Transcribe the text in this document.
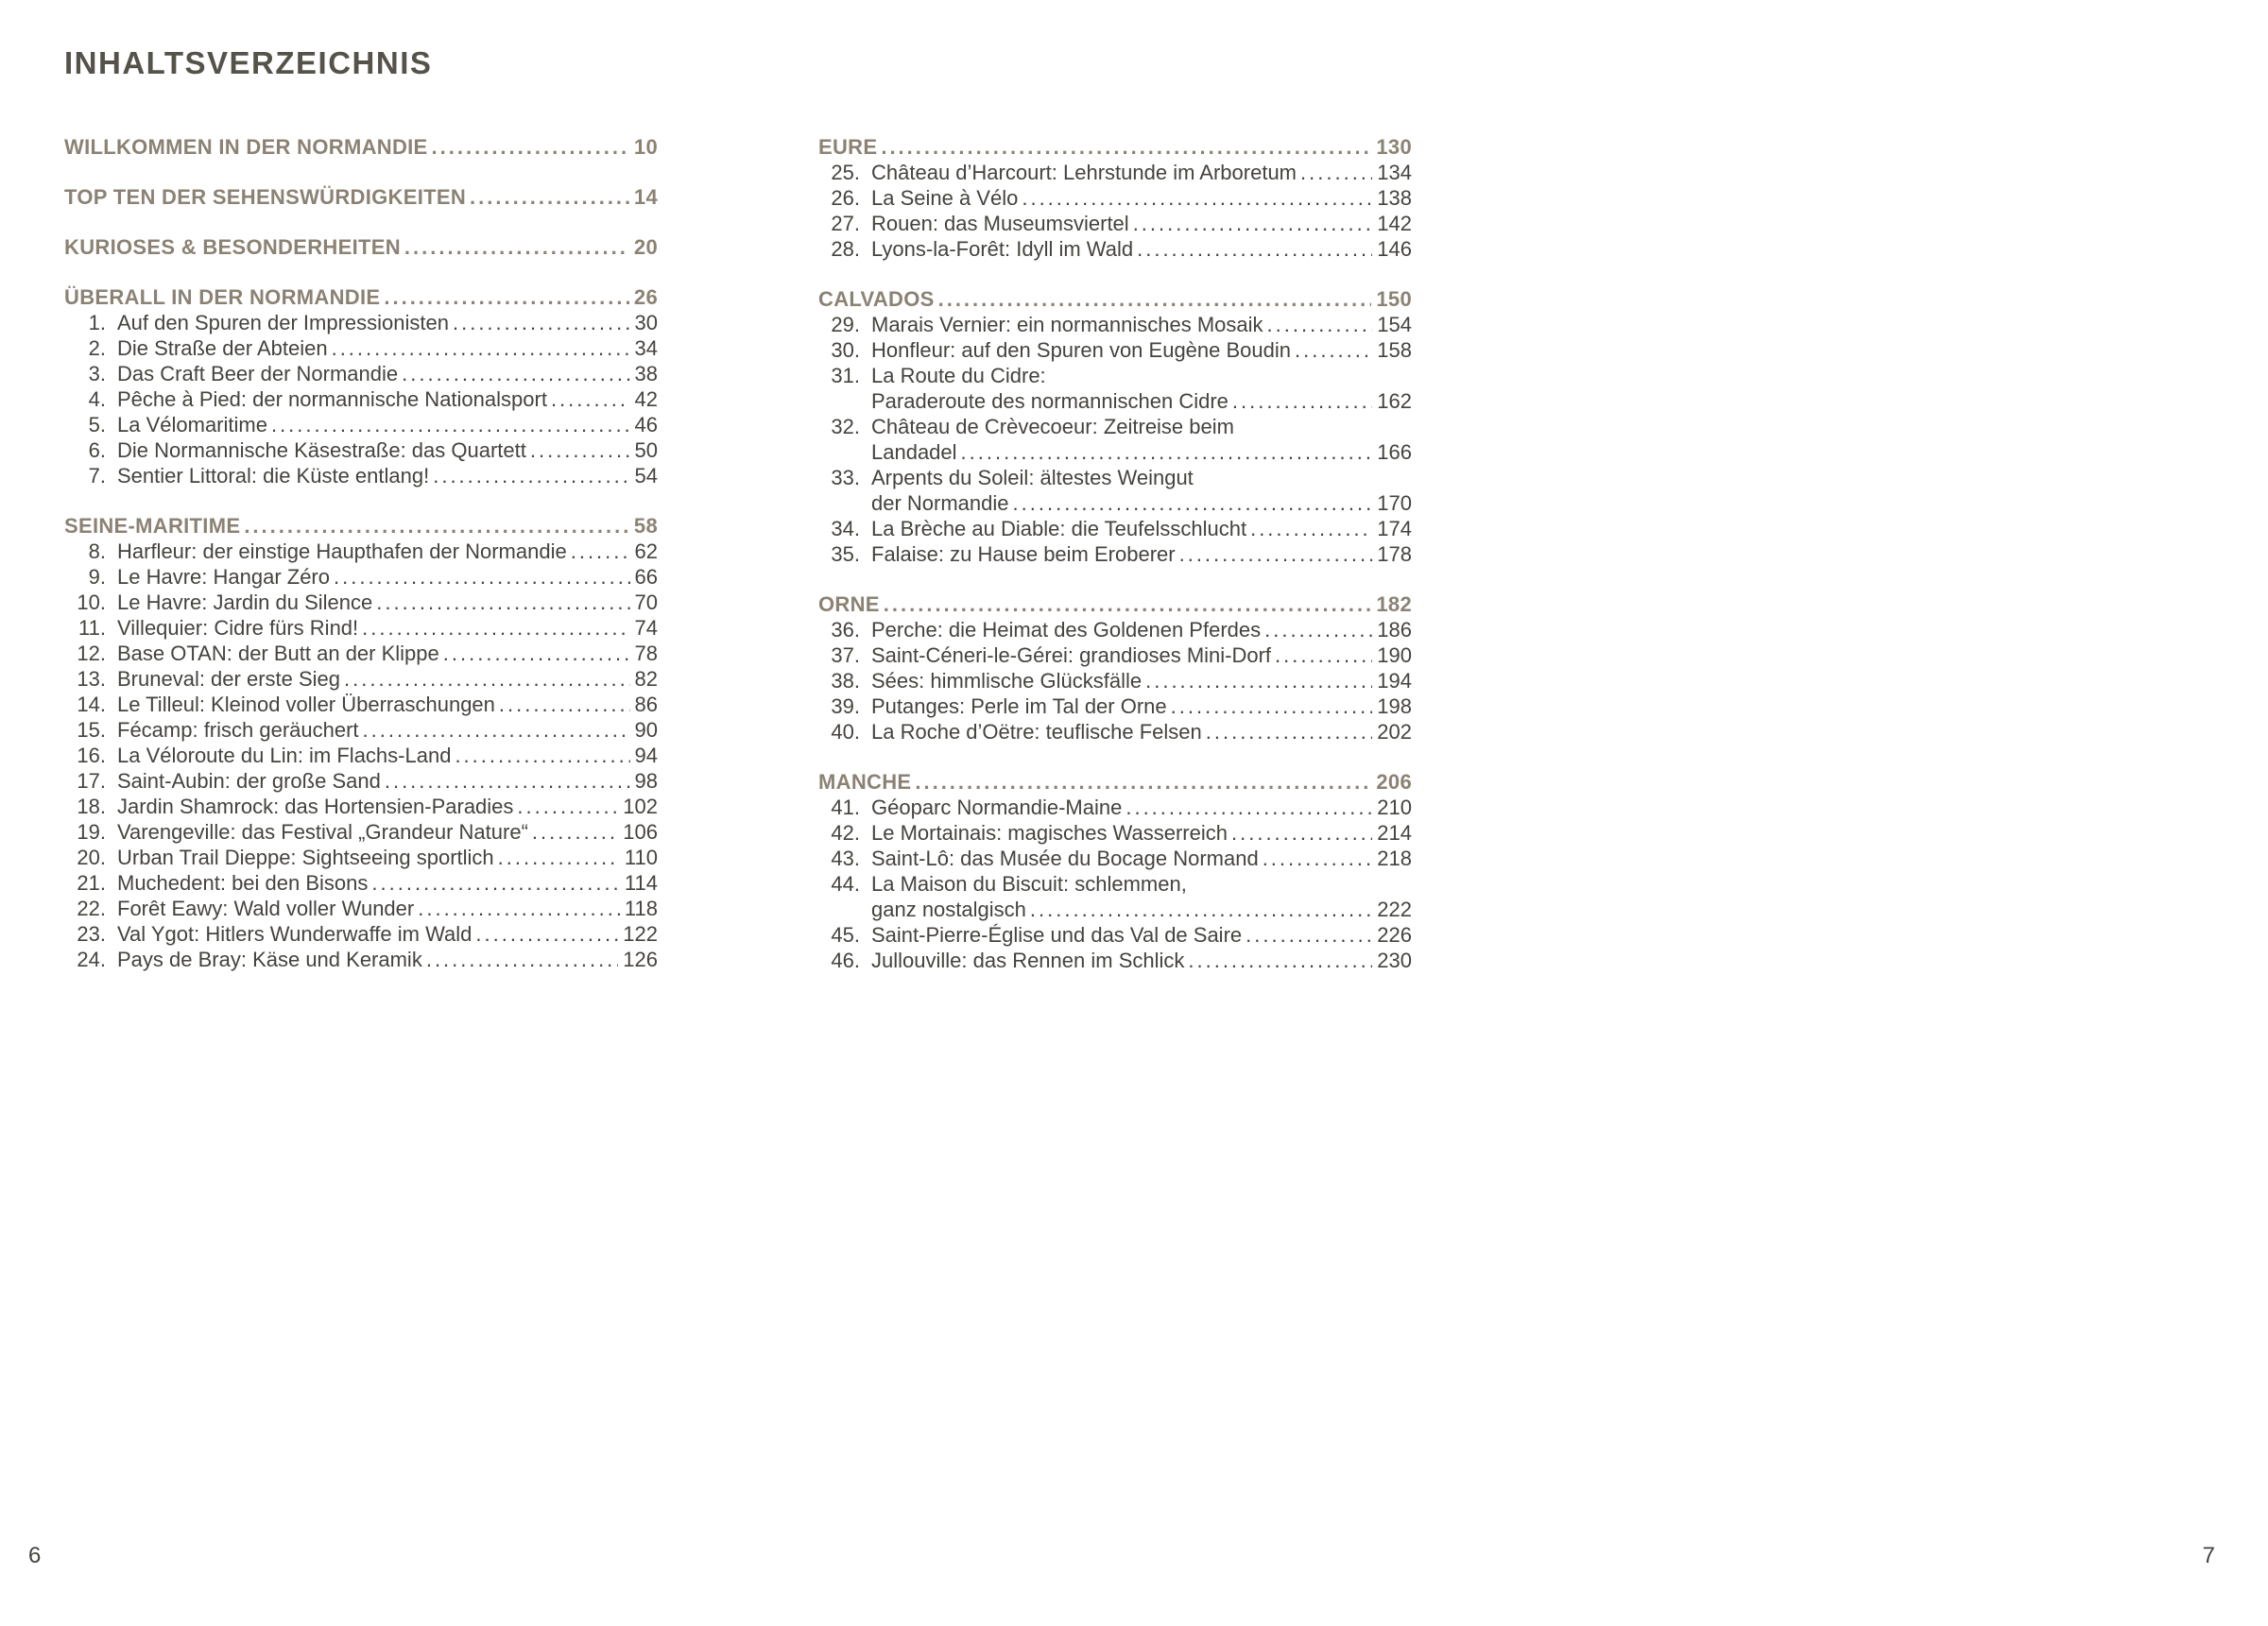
INHALTSVERZEICHNIS
WILLKOMMEN IN DER NORMANDIE .....	10
TOP TEN DER SEHENSWÜRDIGKEITEN .....	14
KURIOSES & BESONDERHEITEN .....	20
ÜBERALL IN DER NORMANDIE .....	26
1. Auf den Spuren der Impressionisten .....	30
2. Die Straße der Abteien .....	34
3. Das Craft Beer der Normandie .....	38
4. Pêche à Pied: der normannische Nationalsport .....	42
5. La Vélomaritime .....	46
6. Die Normannische Käsestraße: das Quartett .....	50
7. Sentier Littoral: die Küste entlang! .....	54
SEINE-MARITIME .....	58
8. Harfleur: der einstige Haupthafen der Normandie .....	62
9. Le Havre: Hangar Zéro .....	66
10. Le Havre: Jardin du Silence .....	70
11. Villequier: Cidre fürs Rind! .....	74
12. Base OTAN: der Butt an der Klippe .....	78
13. Bruneval: der erste Sieg .....	82
14. Le Tilleul: Kleinod voller Überraschungen .....	86
15. Fécamp: frisch geräuchert .....	90
16. La Véloroute du Lin: im Flachs-Land .....	94
17. Saint-Aubin: der große Sand .....	98
18. Jardin Shamrock: das Hortensien-Paradies .....	102
19. Varengeville: das Festival „Grandeur Nature“ .....	106
20. Urban Trail Dieppe: Sightseeing sportlich .....	110
21. Muchedent: bei den Bisons .....	114
22. Forêt Eawy: Wald voller Wunder .....	118
23. Val Ygot: Hitlers Wunderwaffe im Wald .....	122
24. Pays de Bray: Käse und Keramik .....	126
EURE .....	130
25. Château d’Harcourt: Lehrstunde im Arboretum .....	134
26. La Seine à Vélo .....	138
27. Rouen: das Museumsviertel .....	142
28. Lyons-la-Forêt: Idyll im Wald .....	146
CALVADOS .....	150
29. Marais Vernier: ein normannisches Mosaik .....	154
30. Honfleur: auf den Spuren von Eugène Boudin .....	158
31. La Route du Cidre:
Paraderoute des normannischen Cidre .....	162
32. Château de Crèvecoeur: Zeitreise beim
Landadel .....	166
33. Arpents du Soleil: ältestes Weingut
der Normandie .....	170
34. La Brèche au Diable: die Teufelsschlucht .....	174
35. Falaise: zu Hause beim Eroberer .....	178
ORNE .....	182
36. Perche: die Heimat des Goldenen Pferdes .....	186
37. Saint-Céneri-le-Gérei: grandioses Mini-Dorf .....	190
38. Sées: himmlische Glücksfälle .....	194
39. Putanges: Perle im Tal der Orne .....	198
40. La Roche d’Oëtre: teuflische Felsen .....	202
MANCHE .....	206
41. Géoparc Normandie-Maine .....	210
42. Le Mortainais: magisches Wasserreich .....	214
43. Saint-Lô: das Musée du Bocage Normand .....	218
44. La Maison du Biscuit: schlemmen,
ganz nostalgisch .....	222
45. Saint-Pierre-Église und das Val de Saire .....	226
46. Jullouville: das Rennen im Schlick .....	230
6	7
